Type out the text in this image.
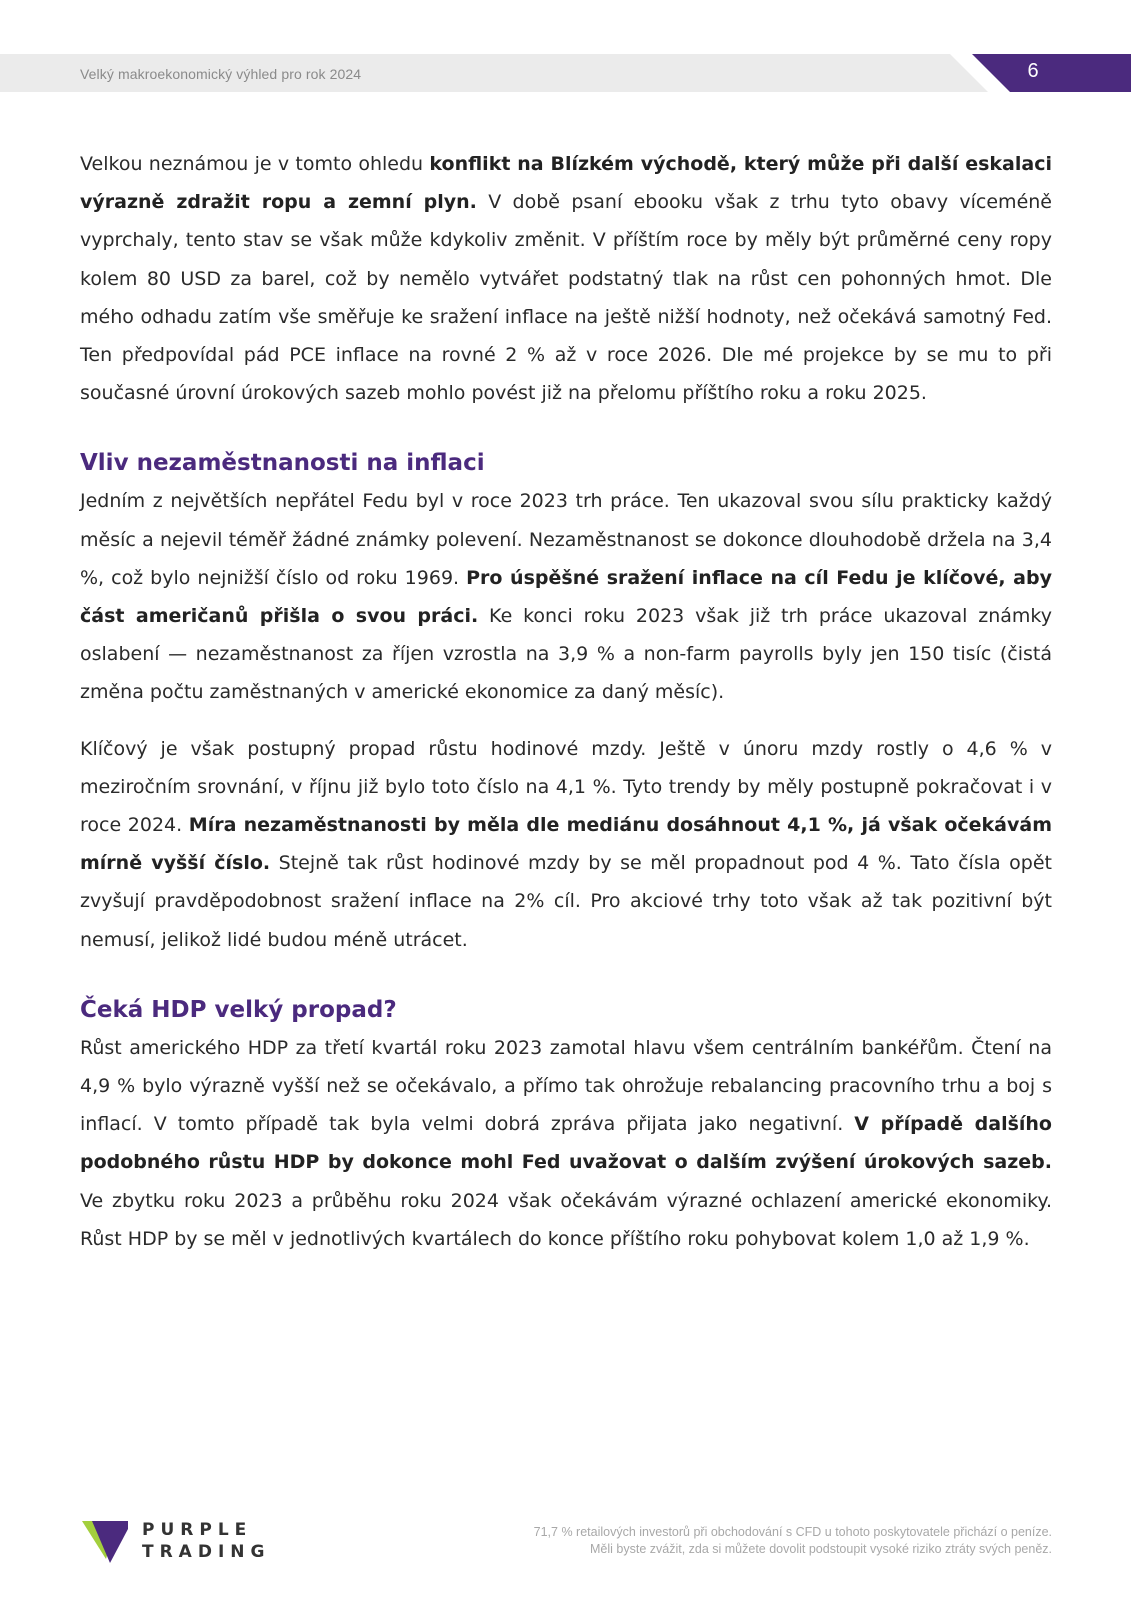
Velký makroekonomický výhled pro rok 2024	6

Velkou neznámou je v tomto ohledu konflikt na Blízkém východě, který může při další eskalaci výrazně zdražit ropu a zemní plyn. V době psaní ebooku však z trhu tyto obavy víceméně vyprchaly, tento stav se však může kdykoliv změnit. V příštím roce by měly být průměrné ceny ropy kolem 80 USD za barel, což by nemělo vytvářet podstatný tlak na růst cen pohonných hmot. Dle mého odhadu zatím vše směřuje ke sražení inflace na ještě nižší hodnoty, než očekává samotný Fed. Ten předpovídal pád PCE inflace na rovné 2 % až v roce 2026. Dle mé projekce by se mu to při současné úrovní úrokových sazeb mohlo povést již na přelomu příštího roku a roku 2025.

Vliv nezaměstnanosti na inflaci

Jedním z největších nepřátel Fedu byl v roce 2023 trh práce. Ten ukazoval svou sílu prakticky každý měsíc a nejevil téměř žádné známky polevení. Nezaměstnanost se dokonce dlouhodobě držela na 3,4 %, což bylo nejnižší číslo od roku 1969. Pro úspěšné sražení inflace na cíl Fedu je klíčové, aby část američanů přišla o svou práci. Ke konci roku 2023 však již trh práce ukazoval známky oslabení — nezaměstnanost za říjen vzrostla na 3,9 % a non-farm payrolls byly jen 150 tisíc (čistá změna počtu zaměstnaných v americké ekonomice za daný měsíc).

Klíčový je však postupný propad růstu hodinové mzdy. Ještě v únoru mzdy rostly o 4,6 % v meziročním srovnání, v říjnu již bylo toto číslo na 4,1 %. Tyto trendy by měly postupně pokračovat i v roce 2024. Míra nezaměstnanosti by měla dle mediánu dosáhnout 4,1 %, já však očekávám mírně vyšší číslo. Stejně tak růst hodinové mzdy by se měl propadnout pod 4 %. Tato čísla opět zvyšují pravděpodobnost sražení inflace na 2% cíl. Pro akciové trhy toto však až tak pozitivní být nemusí, jelikož lidé budou méně utrácet.

Čeká HDP velký propad?

Růst amerického HDP za třetí kvartál roku 2023 zamotal hlavu všem centrálním bankéřům. Čtení na 4,9 % bylo výrazně vyšší než se očekávalo, a přímo tak ohrožuje rebalancing pracovního trhu a boj s inflací. V tomto případě tak byla velmi dobrá zpráva přijata jako negativní. V případě dalšího podobného růstu HDP by dokonce mohl Fed uvažovat o dalším zvýšení úrokových sazeb. Ve zbytku roku 2023 a průběhu roku 2024 však očekávám výrazné ochlazení americké ekonomiky. Růst HDP by se měl v jednotlivých kvartálech do konce příštího roku pohybovat kolem 1,0 až 1,9 %.

PURPLE
TRADING
71,7 % retailových investorů při obchodování s CFD u tohoto poskytovatele přichází o peníze.
Měli byste zvážit, zda si můžete dovolit podstoupit vysoké riziko ztráty svých peněz.
